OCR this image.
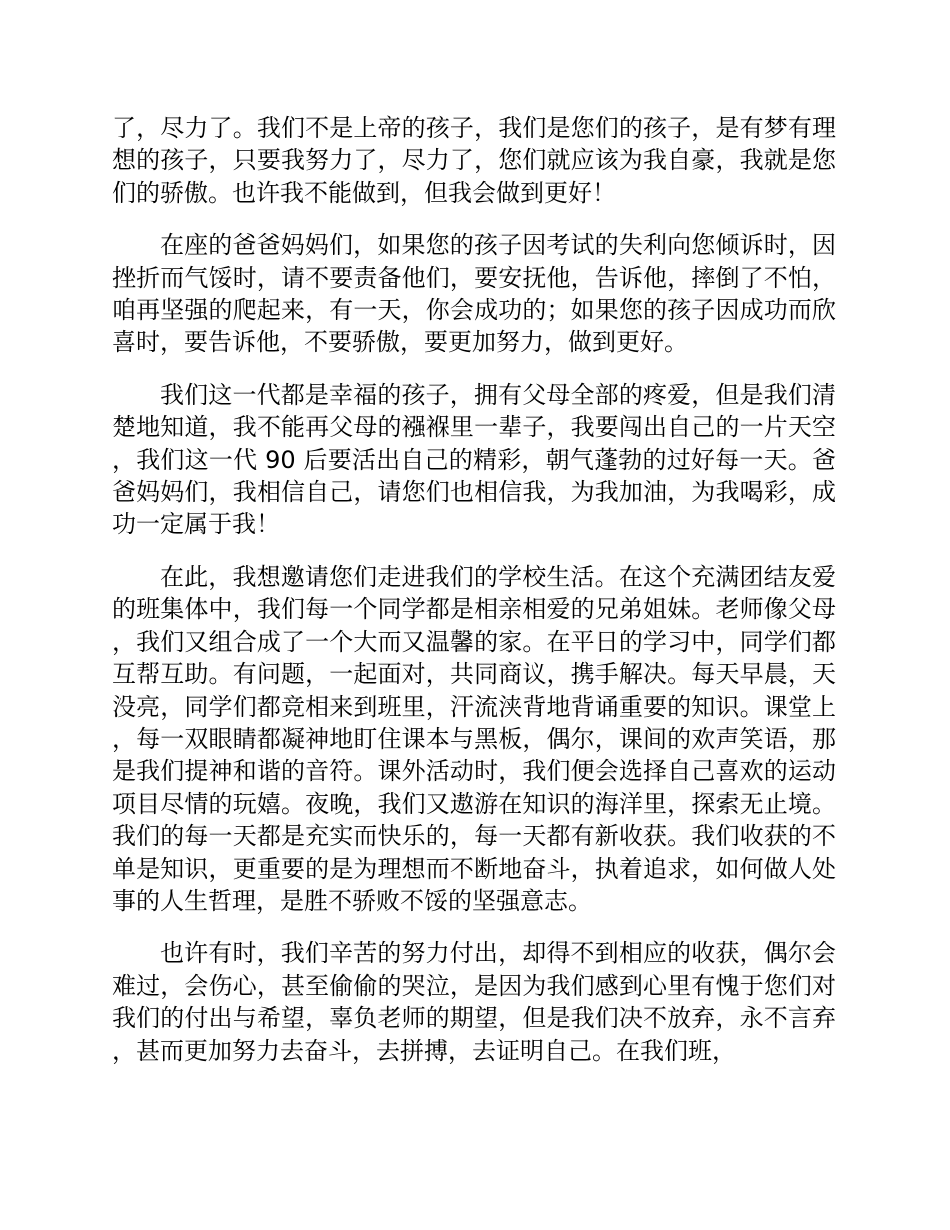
了，尽力了。我们不是上帝的孩子，我们是您们的孩子，是有梦有理想的孩子，只要我努力了，尽力了，您们就应该为我自豪，我就是您们的骄傲。也许我不能做到，但我会做到更好！

在座的爸爸妈妈们，如果您的孩子因考试的失利向您倾诉时，因挫折而气馁时，请不要责备他们，要安抚他，告诉他，摔倒了不怕，咱再坚强的爬起来，有一天，你会成功的；如果您的孩子因成功而欣喜时，要告诉他，不要骄傲，要更加努力，做到更好。

我们这一代都是幸福的孩子，拥有父母全部的疼爱，但是我们清楚地知道，我不能再父母的襁褓里一辈子，我要闯出自己的一片天空，我们这一代 90 后要活出自己的精彩，朝气蓬勃的过好每一天。爸爸妈妈们，我相信自己，请您们也相信我，为我加油，为我喝彩，成功一定属于我！

在此，我想邀请您们走进我们的学校生活。在这个充满团结友爱的班集体中，我们每一个同学都是相亲相爱的兄弟姐妹。老师像父母，我们又组合成了一个大而又温馨的家。在平日的学习中，同学们都互帮互助。有问题，一起面对，共同商议，携手解决。每天早晨，天没亮，同学们都竞相来到班里，汗流浃背地背诵重要的知识。课堂上，每一双眼睛都凝神地盯住课本与黑板，偶尔，课间的欢声笑语，那是我们提神和谐的音符。课外活动时，我们便会选择自己喜欢的运动项目尽情的玩嬉。夜晚，我们又遨游在知识的海洋里，探索无止境。我们的每一天都是充实而快乐的，每一天都有新收获。我们收获的不单是知识，更重要的是为理想而不断地奋斗，执着追求，如何做人处事的人生哲理，是胜不骄败不馁的坚强意志。

也许有时，我们辛苦的努力付出，却得不到相应的收获，偶尔会难过，会伤心，甚至偷偷的哭泣，是因为我们感到心里有愧于您们对我们的付出与希望，辜负老师的期望，但是我们决不放弃，永不言弃，甚而更加努力去奋斗，去拼搏，去证明自己。在我们班，
